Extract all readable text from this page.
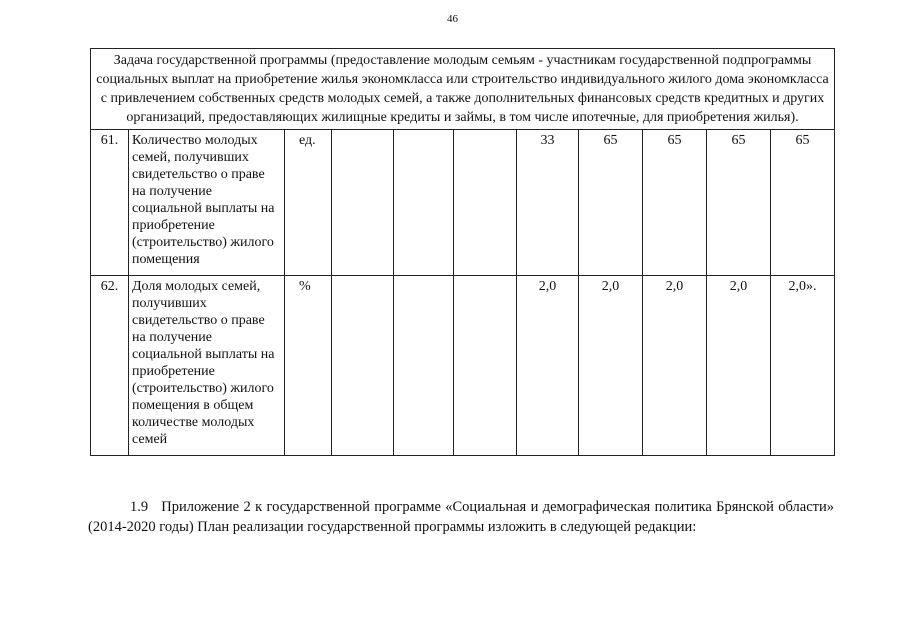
46
Задача государственной программы (предоставление молодым семьям - участникам государственной подпрограммы социальных выплат на приобретение жилья экономкласса или строительство индивидуального жилого дома экономкласса с привлечением собственных средств молодых семей, а также дополнительных финансовых средств кредитных и других организаций, предоставляющих жилищные кредиты и займы, в том числе ипотечные, для приобретения жилья).										
61.	Количество молодых семей, получивших свидетельство о праве на получение социальной выплаты на приобретение (строительство) жилого помещения	ед.				33	65	65	65	65
62.	Доля молодых семей, получивших свидетельство о праве на получение социальной выплаты на приобретение (строительство) жилого помещения в общем количестве молодых семей	%				2,0	2,0	2,0	2,0	2,0».
1.9 Приложение 2 к государственной программе «Социальная и демографическая политика Брянской области» (2014-2020 годы) План реализации государственной программы изложить в следующей редакции:
